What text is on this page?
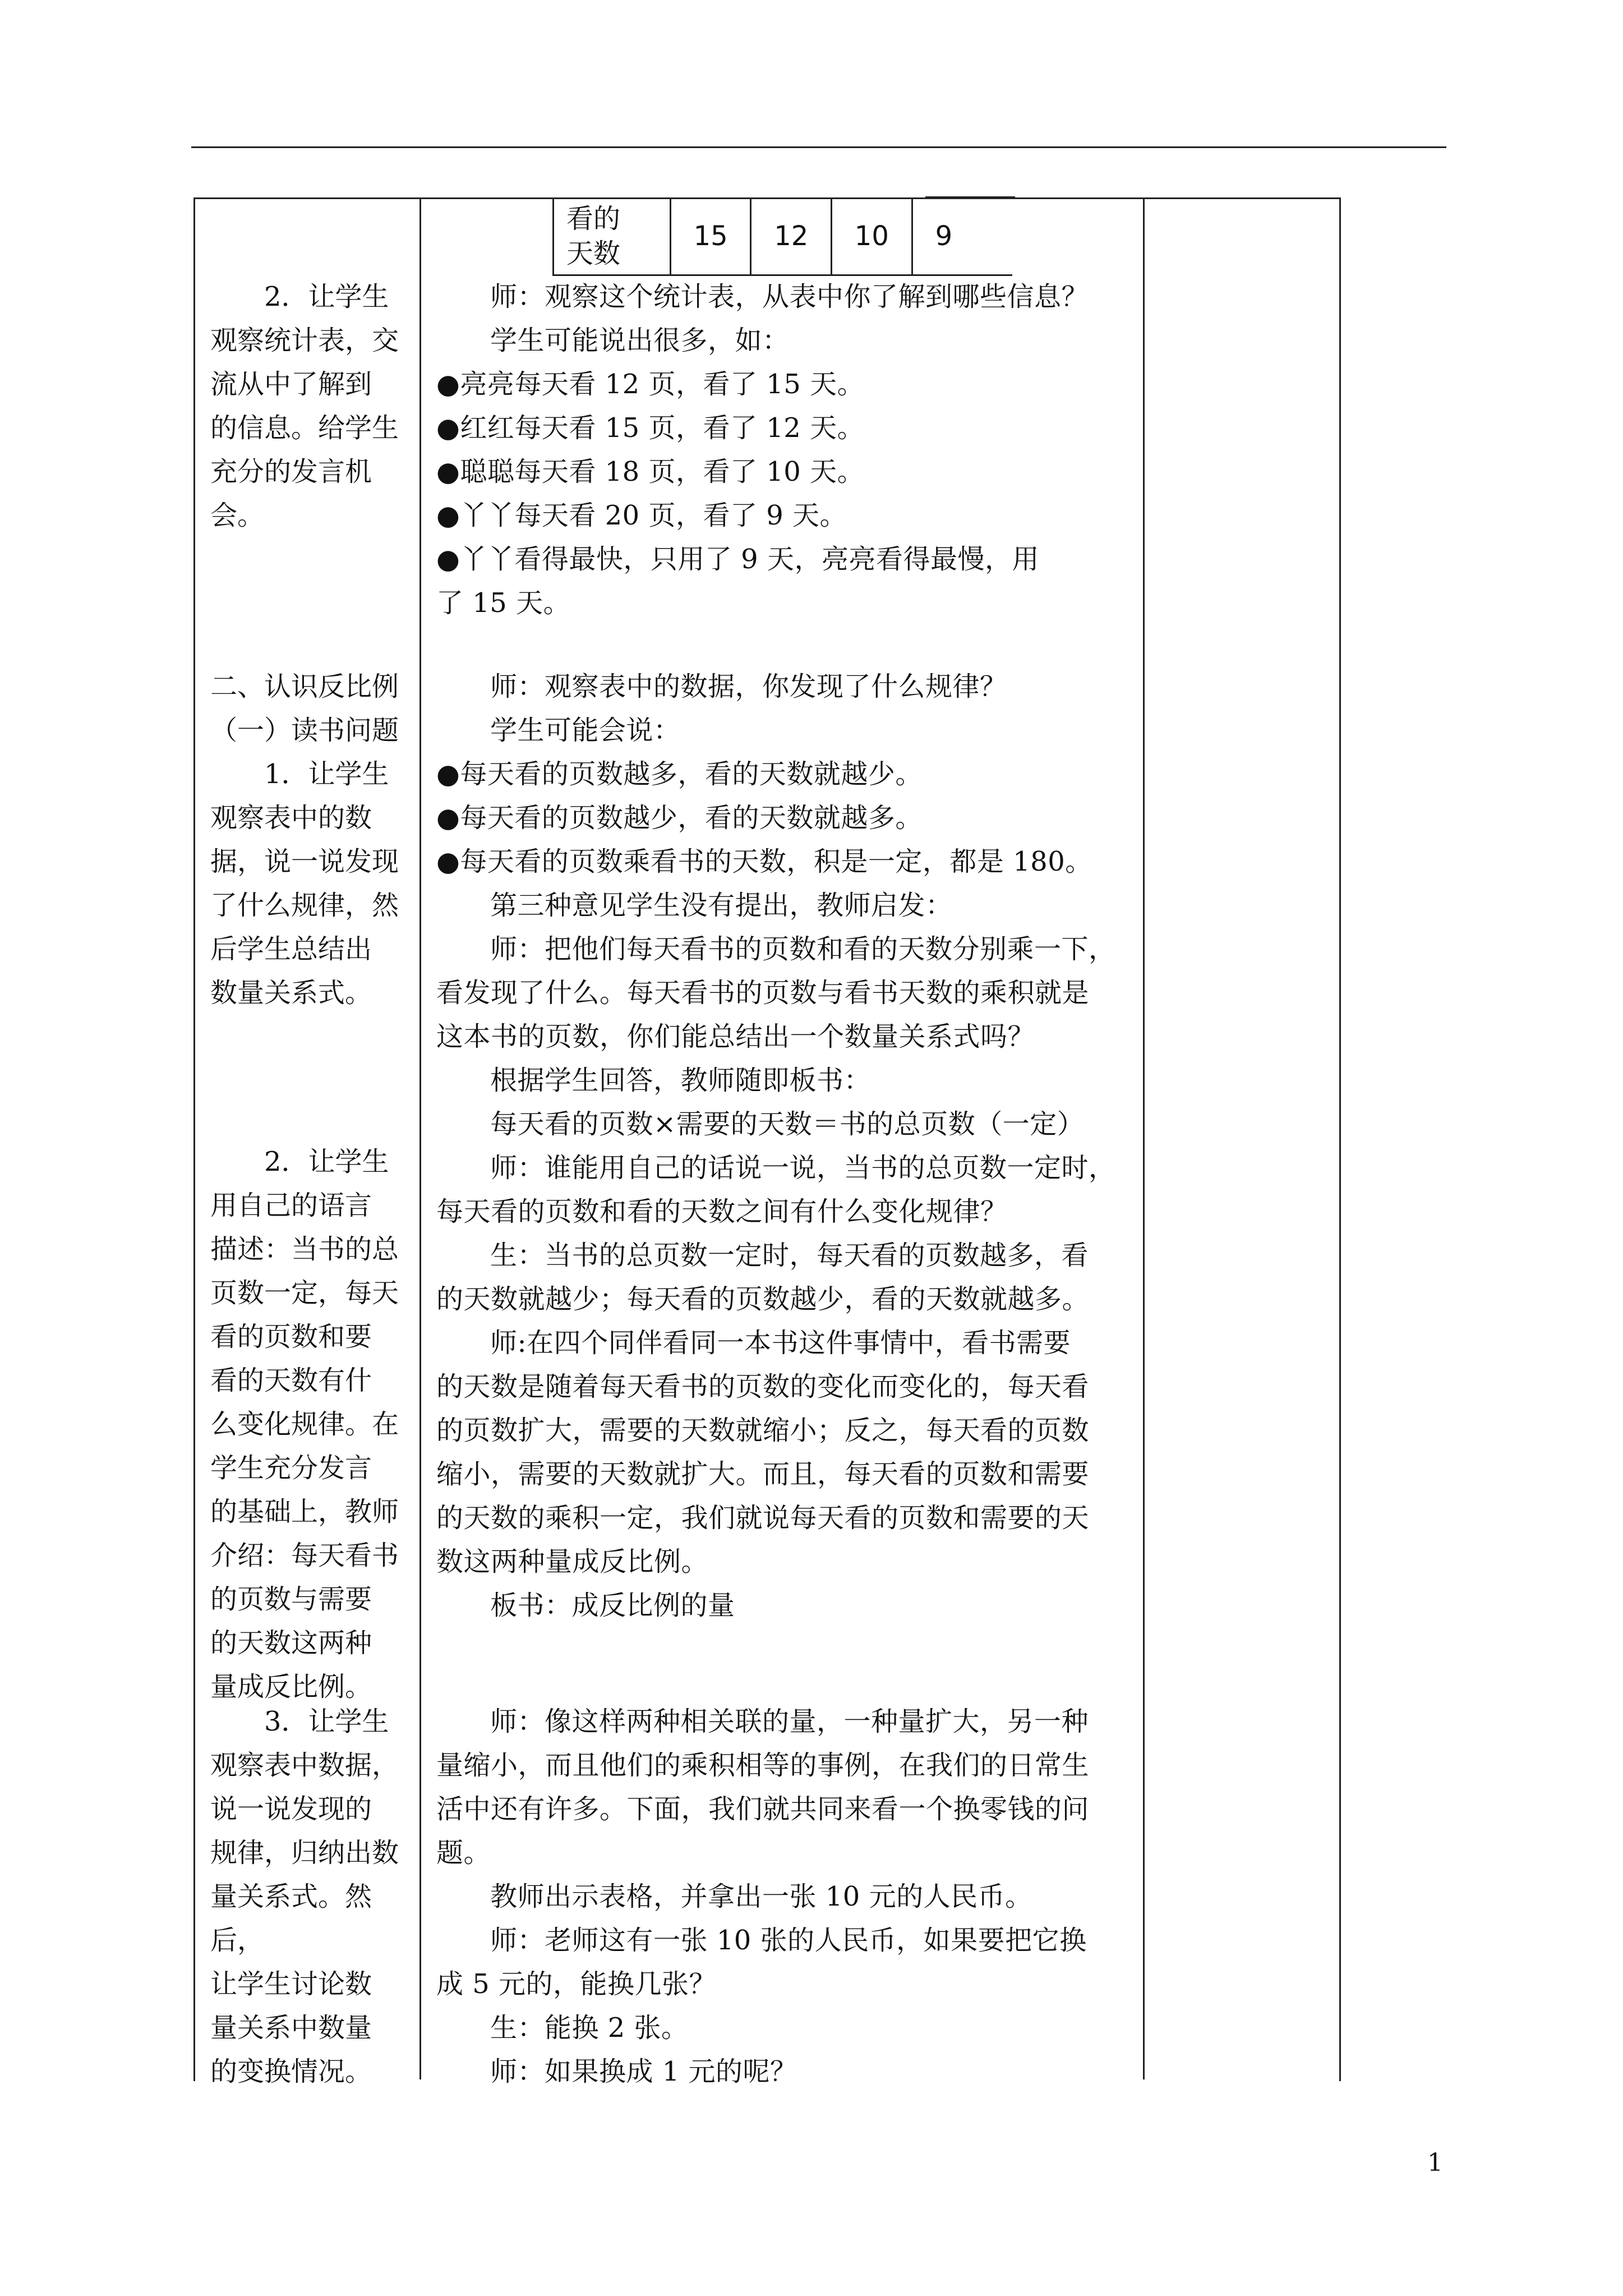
看的
天数
	15	12	10	9

2．让学生

观察统计表，交

流从中了解到

的信息。给学生

充分的发言机

会。

二、认识反比例

（一）读书问题

1．让学生

观察表中的数

据，说一说发现

了什么规律，然

后学生总结出

数量关系式。

2．让学生

用自己的语言

描述：当书的总

页数一定，每天

看的页数和要

看的天数有什

么变化规律。在

学生充分发言

的基础上，教师

介绍：每天看书

的页数与需要

的天数这两种

量成反比例。

3．让学生

观察表中数据，

说一说发现的

规律，归纳出数

量关系式。然后，

让学生讨论数

量关系中数量

的变换情况。

师：观察这个统计表，从表中你了解到哪些信息？

学生可能说出很多，如：

●亮亮每天看 12 页，看了 15 天。

●红红每天看 15 页，看了 12 天。

●聪聪每天看 18 页，看了 10 天。

●丫丫每天看 20 页，看了 9 天。

●丫丫看得最快，只用了 9 天，亮亮看得最慢，用

了 15 天。

师：观察表中的数据，你发现了什么规律？

学生可能会说：

●每天看的页数越多，看的天数就越少。

●每天看的页数越少，看的天数就越多。

●每天看的页数乘看书的天数，积是一定，都是 180。

第三种意见学生没有提出，教师启发：

师：把他们每天看书的页数和看的天数分别乘一下，

看发现了什么。每天看书的页数与看书天数的乘积就是

这本书的页数，你们能总结出一个数量关系式吗？

根据学生回答，教师随即板书：

每天看的页数×需要的天数＝书的总页数（一定）

师：谁能用自己的话说一说，当书的总页数一定时，

每天看的页数和看的天数之间有什么变化规律？

生：当书的总页数一定时，每天看的页数越多，看

的天数就越少；每天看的页数越少，看的天数就越多。

师:在四个同伴看同一本书这件事情中，看书需要

的天数是随着每天看书的页数的变化而变化的，每天看

的页数扩大，需要的天数就缩小；反之，每天看的页数

缩小，需要的天数就扩大。而且，每天看的页数和需要

的天数的乘积一定，我们就说每天看的页数和需要的天

数这两种量成反比例。

板书：成反比例的量

师：像这样两种相关联的量，一种量扩大，另一种

量缩小，而且他们的乘积相等的事例，在我们的日常生

活中还有许多。下面，我们就共同来看一个换零钱的问

题。

教师出示表格，并拿出一张 10 元的人民币。

师：老师这有一张 10 张的人民币，如果要把它换

成 5 元的，能换几张？

生：能换 2 张。

师：如果换成 1 元的呢？

1
